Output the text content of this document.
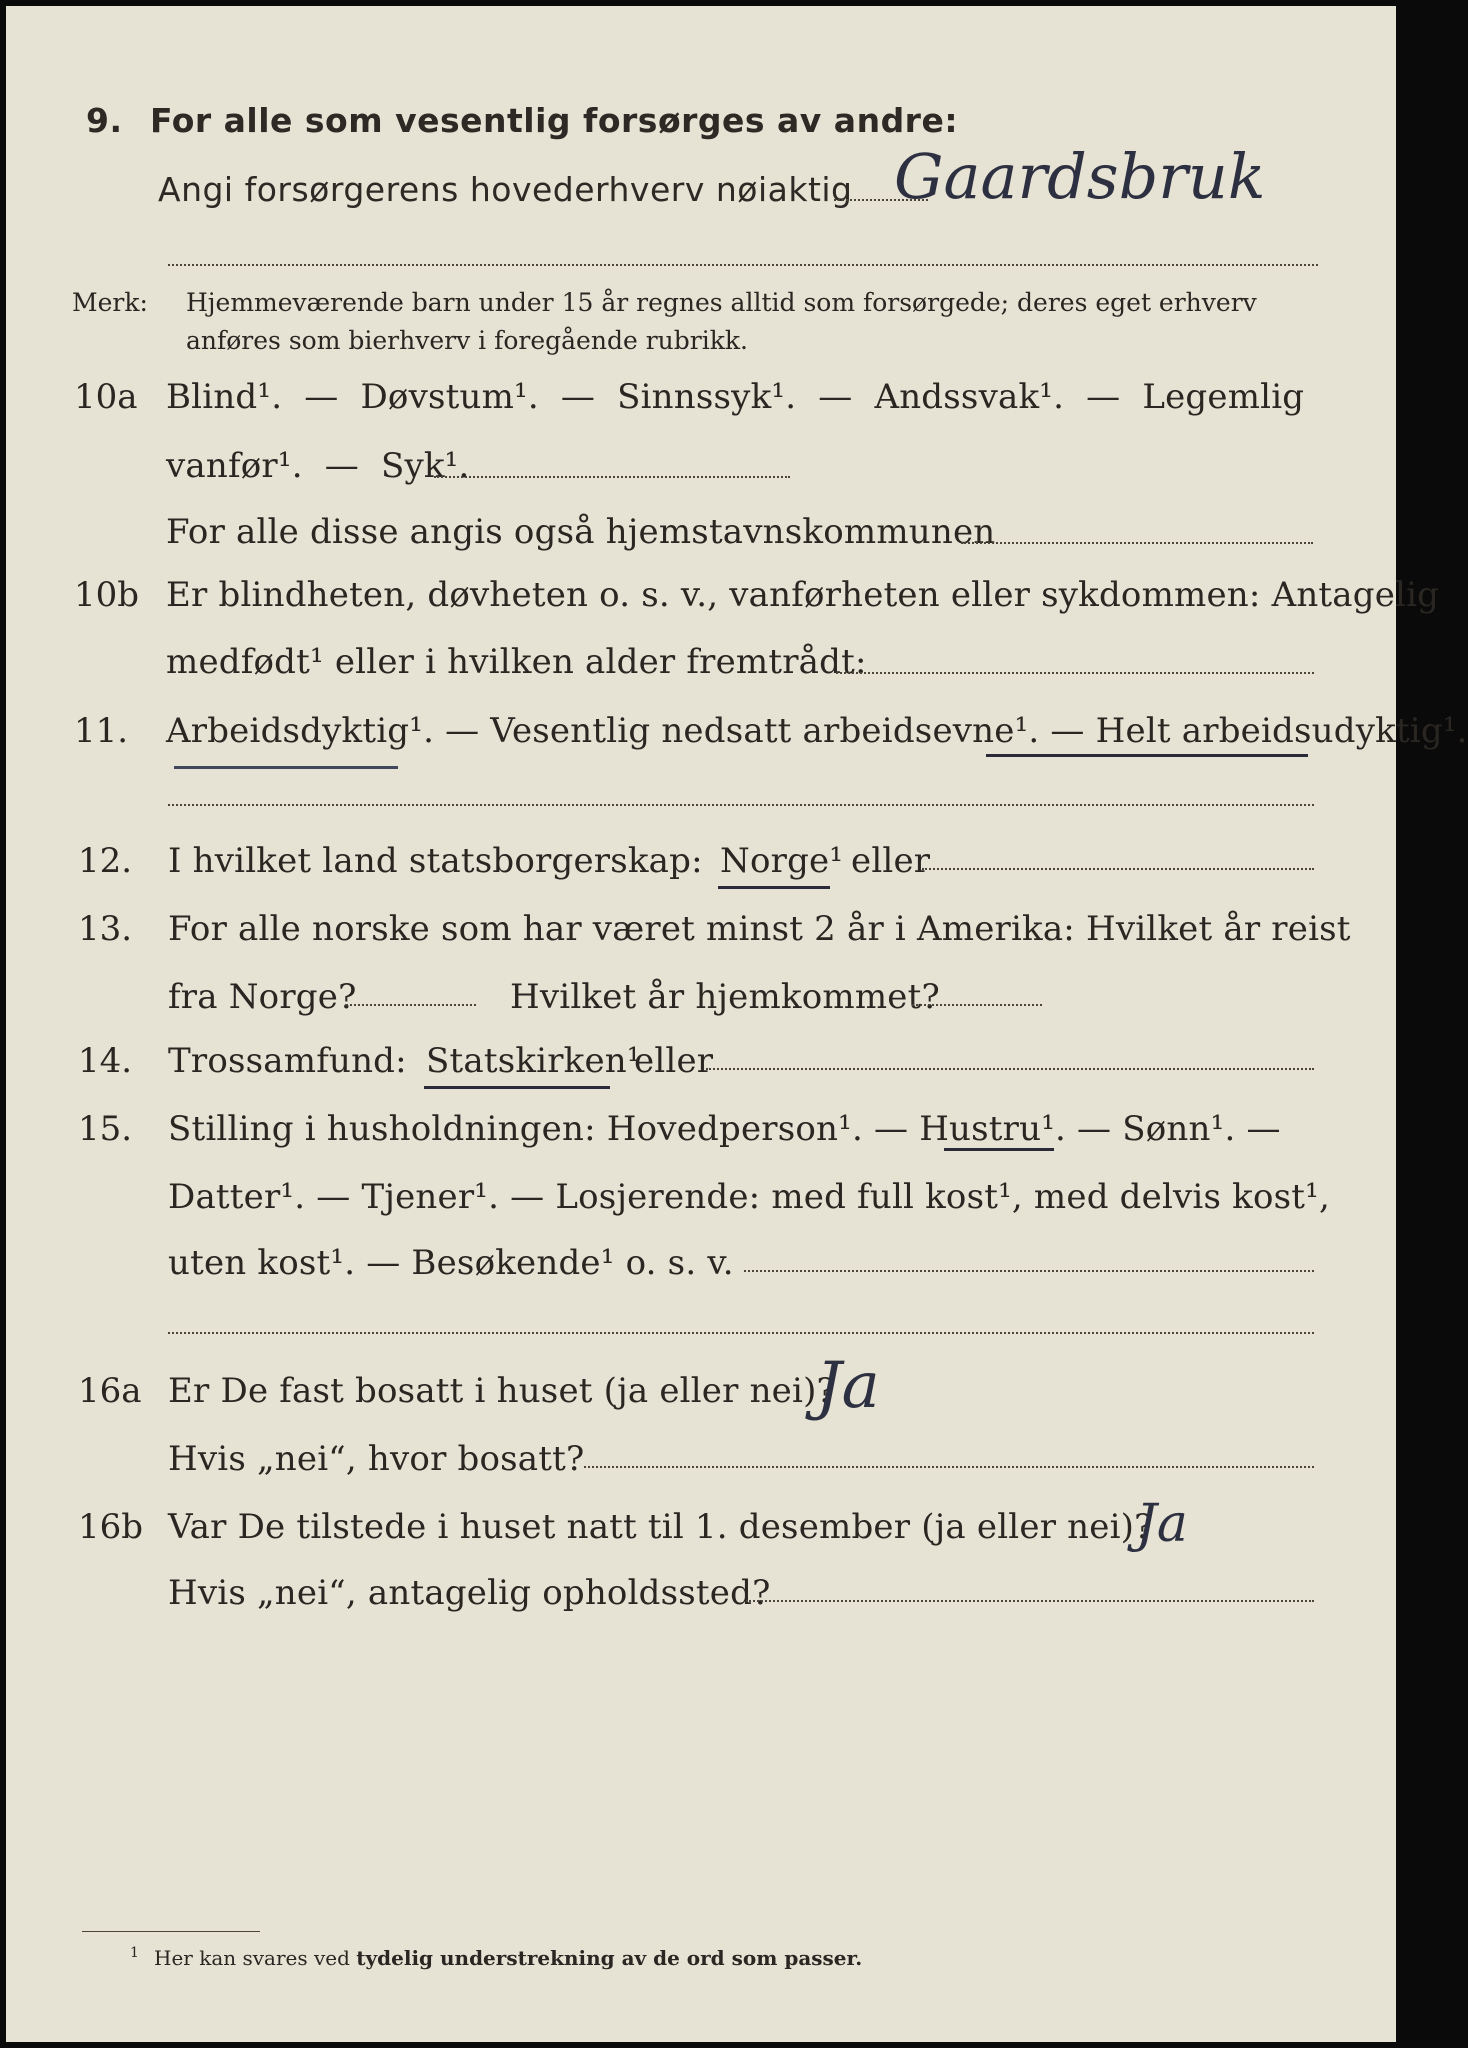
9. For alle som vesentlig forsørges av andre:
Angi forsørgerens hovederhverv nøiaktig Gaardsbruk
Merk: Hjemmeværende barn under 15 år regnes alltid som forsørgede; deres eget erhverv
anføres som bierhverv i foregående rubrikk.
10a Blind¹.  —  Døvstum¹.  —  Sinnssyk¹.  —  Andssvak¹.  —  Legemlig
vanfør¹.  —  Syk¹.
For alle disse angis også hjemstavnskommunen
10b Er blindheten, døvheten o. s. v., vanførheten eller sykdommen: Antagelig
medfødt¹ eller i hvilken alder fremtrådt:
11. Arbeidsdyktig¹. — Vesentlig nedsatt arbeidsevne¹. — Helt arbeidsudyktig¹.
12. I hvilket land statsborgerskap: Norge¹ eller
13. For alle norske som har været minst 2 år i Amerika: Hvilket år reist
fra Norge?	Hvilket år hjemkommet?
14. Trossamfund: Statskirken¹
eller
15. Stilling i husholdningen: Hovedperson¹. — Hustru¹. — Sønn¹. —
Datter¹. — Tjener¹. — Losjerende: med full kost¹, med delvis kost¹,
uten kost¹. — Besøkende¹ o. s. v.
16a Er De fast bosatt i huset (ja eller nei)?
Ja
Hvis „nei“, hvor bosatt?
16b Var De tilstede i huset natt til 1. desember (ja eller nei)?
Ja
Hvis „nei“, antagelig opholdssted?
1 Her kan svares ved tydelig understrekning av de ord som passer.
